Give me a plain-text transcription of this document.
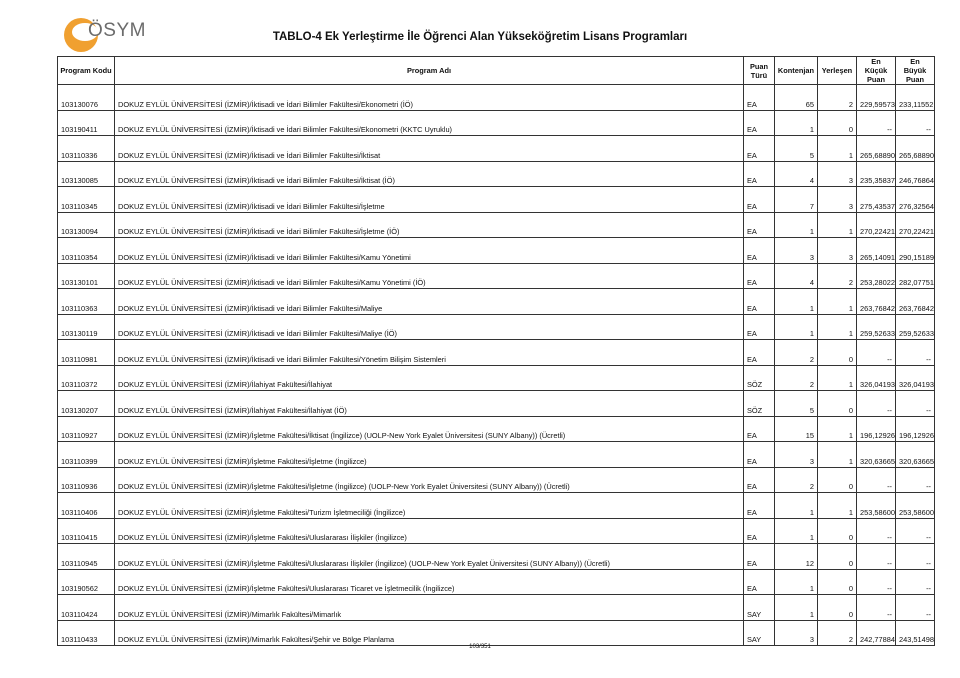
ÖSYM	TABLO-4 Ek Yerleştirme İle Öğrenci Alan Yükseköğretim Lisans Programları
Program Kodu	Program Adı	Puan Türü	Kontenjan	Yerleşen	En Küçük Puan	En Büyük Puan
103130076	DOKUZ EYLÜL ÜNİVERSİTESİ (İZMİR)/İktisadi ve İdari Bilimler Fakültesi/Ekonometri (İÖ)	EA	65	2	229,59573	233,11552
103190411	DOKUZ EYLÜL ÜNİVERSİTESİ (İZMİR)/İktisadi ve İdari Bilimler Fakültesi/Ekonometri (KKTC Uyruklu)	EA	1	0	--	--
103110336	DOKUZ EYLÜL ÜNİVERSİTESİ (İZMİR)/İktisadi ve İdari Bilimler Fakültesi/İktisat	EA	5	1	265,68890	265,68890
103130085	DOKUZ EYLÜL ÜNİVERSİTESİ (İZMİR)/İktisadi ve İdari Bilimler Fakültesi/İktisat (İÖ)	EA	4	3	235,35837	246,76864
103110345	DOKUZ EYLÜL ÜNİVERSİTESİ (İZMİR)/İktisadi ve İdari Bilimler Fakültesi/İşletme	EA	7	3	275,43537	276,32564
103130094	DOKUZ EYLÜL ÜNİVERSİTESİ (İZMİR)/İktisadi ve İdari Bilimler Fakültesi/İşletme (İÖ)	EA	1	1	270,22421	270,22421
103110354	DOKUZ EYLÜL ÜNİVERSİTESİ (İZMİR)/İktisadi ve İdari Bilimler Fakültesi/Kamu Yönetimi	EA	3	3	265,14091	290,15189
103130101	DOKUZ EYLÜL ÜNİVERSİTESİ (İZMİR)/İktisadi ve İdari Bilimler Fakültesi/Kamu Yönetimi (İÖ)	EA	4	2	253,28022	282,07751
103110363	DOKUZ EYLÜL ÜNİVERSİTESİ (İZMİR)/İktisadi ve İdari Bilimler Fakültesi/Maliye	EA	1	1	263,76842	263,76842
103130119	DOKUZ EYLÜL ÜNİVERSİTESİ (İZMİR)/İktisadi ve İdari Bilimler Fakültesi/Maliye (İÖ)	EA	1	1	259,52633	259,52633
103110981	DOKUZ EYLÜL ÜNİVERSİTESİ (İZMİR)/İktisadi ve İdari Bilimler Fakültesi/Yönetim Bilişim Sistemleri	EA	2	0	--	--
103110372	DOKUZ EYLÜL ÜNİVERSİTESİ (İZMİR)/İlahiyat Fakültesi/İlahiyat	SÖZ	2	1	326,04193	326,04193
103130207	DOKUZ EYLÜL ÜNİVERSİTESİ (İZMİR)/İlahiyat Fakültesi/İlahiyat (İÖ)	SÖZ	5	0	--	--
103110927	DOKUZ EYLÜL ÜNİVERSİTESİ (İZMİR)/İşletme Fakültesi/İktisat (İngilizce) (UOLP-New York Eyalet Üniversitesi (SUNY Albany)) (Ücretli)	EA	15	1	196,12926	196,12926
103110399	DOKUZ EYLÜL ÜNİVERSİTESİ (İZMİR)/İşletme Fakültesi/İşletme (İngilizce)	EA	3	1	320,63665	320,63665
103110936	DOKUZ EYLÜL ÜNİVERSİTESİ (İZMİR)/İşletme Fakültesi/İşletme (İngilizce) (UOLP-New York Eyalet Üniversitesi (SUNY Albany)) (Ücretli)	EA	2	0	--	--
103110406	DOKUZ EYLÜL ÜNİVERSİTESİ (İZMİR)/İşletme Fakültesi/Turizm İşletmeciliği (İngilizce)	EA	1	1	253,58600	253,58600
103110415	DOKUZ EYLÜL ÜNİVERSİTESİ (İZMİR)/İşletme Fakültesi/Uluslararası İlişkiler (İngilizce)	EA	1	0	--	--
103110945	DOKUZ EYLÜL ÜNİVERSİTESİ (İZMİR)/İşletme Fakültesi/Uluslararası İlişkiler (İngilizce) (UOLP-New York Eyalet Üniversitesi (SUNY Albany)) (Ücretli)	EA	12	0	--	--
103190562	DOKUZ EYLÜL ÜNİVERSİTESİ (İZMİR)/İşletme Fakültesi/Uluslararası Ticaret ve İşletmecilik (İngilizce)	EA	1	0	--	--
103110424	DOKUZ EYLÜL ÜNİVERSİTESİ (İZMİR)/Mimarlık Fakültesi/Mimarlık	SAY	1	0	--	--
103110433	DOKUZ EYLÜL ÜNİVERSİTESİ (İZMİR)/Mimarlık Fakültesi/Şehir ve Bölge Planlama	SAY	3	2	242,77884	243,51498
103/351
